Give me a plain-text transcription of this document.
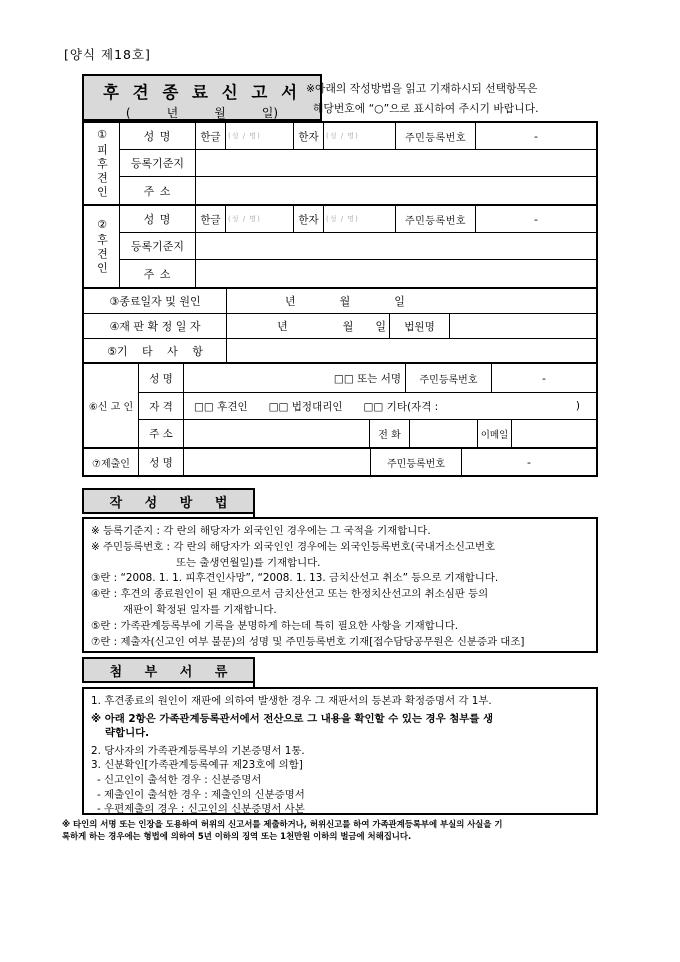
[양식 제18호]
후 견 종 료 신 고 서
(　　　년　　　월　　　일)
※아래의 작성방법을 읽고 기재하시되 선택항목은
해당번호에 “○”으로 표시하여 주시기 바랍니다.
①피후견인	성 명	한글	(성 / 명)	한자	(성 / 명)	주민등록번호	-
등록기준지
주 소
②후견인	성 명	한글	(성 / 명)	한자	(성 / 명)	주민등록번호	-
등록기준지
주 소
③종료일자 및 원인	년　　　　월　　　　일
④재 판 확 정 일 자	년　　　　　월　　일	법원명
⑤기　 타　 사　 항
⑥신 고 인
성 명	□□ 또는 서명	주민등록번호	-
자 격	□□ 후견인　　□□ 법정대리인　　□□ 기타(자격 :	)
주 소	전 화	이메일
⑦제출인	성 명	주민등록번호	-
작 성 방 법
※ 등록기준지 : 각 란의 해당자가 외국인인 경우에는 그 국적을 기재합니다.
※ 주민등록번호 : 각 란의 해당자가 외국인인 경우에는 외국인등록번호(국내거소신고번호
또는 출생연월일)를 기재합니다.
③란 : “2008. 1. 1. 피후견인사망”, “2008. 1. 13. 금치산선고 취소” 등으로 기재합니다.
④란 : 후견의 종료원인이 된 재판으로서 금치산선고 또는 한정치산선고의 취소심판 등의
재판이 확정된 일자를 기재합니다.
⑤란 : 가족관계등록부에 기록을 분명하게 하는데 특히 필요한 사항을 기재합니다.
⑦란 : 제출자(신고인 여부 불문)의 성명 및 주민등록번호 기재[접수담당공무원은 신분증과 대조]
첨 부 서 류
1. 후견종료의 원인이 재판에 의하여 발생한 경우 그 재판서의 등본과 확정증명서 각 1부.
※ 아래 2항은 가족관계등록관서에서 전산으로 그 내용을 확인할 수 있는 경우 첨부를 생
략합니다.
2. 당사자의 가족관계등록부의 기본증명서 1통.
3. 신분확인[가족관계등록예규 제23호에 의함]
- 신고인이 출석한 경우 : 신분증명서
- 제출인이 출석한 경우 : 제출인의 신분증명서
- 우편제출의 경우 : 신고인의 신분증명서 사본
※ 타인의 서명 또는 인장을 도용하여 허위의 신고서를 제출하거나, 허위신고를 하여 가족관계등록부에 부실의 사실을 기
록하게 하는 경우에는 형법에 의하여 5년 이하의 징역 또는 1천만원 이하의 벌금에 처해집니다.
